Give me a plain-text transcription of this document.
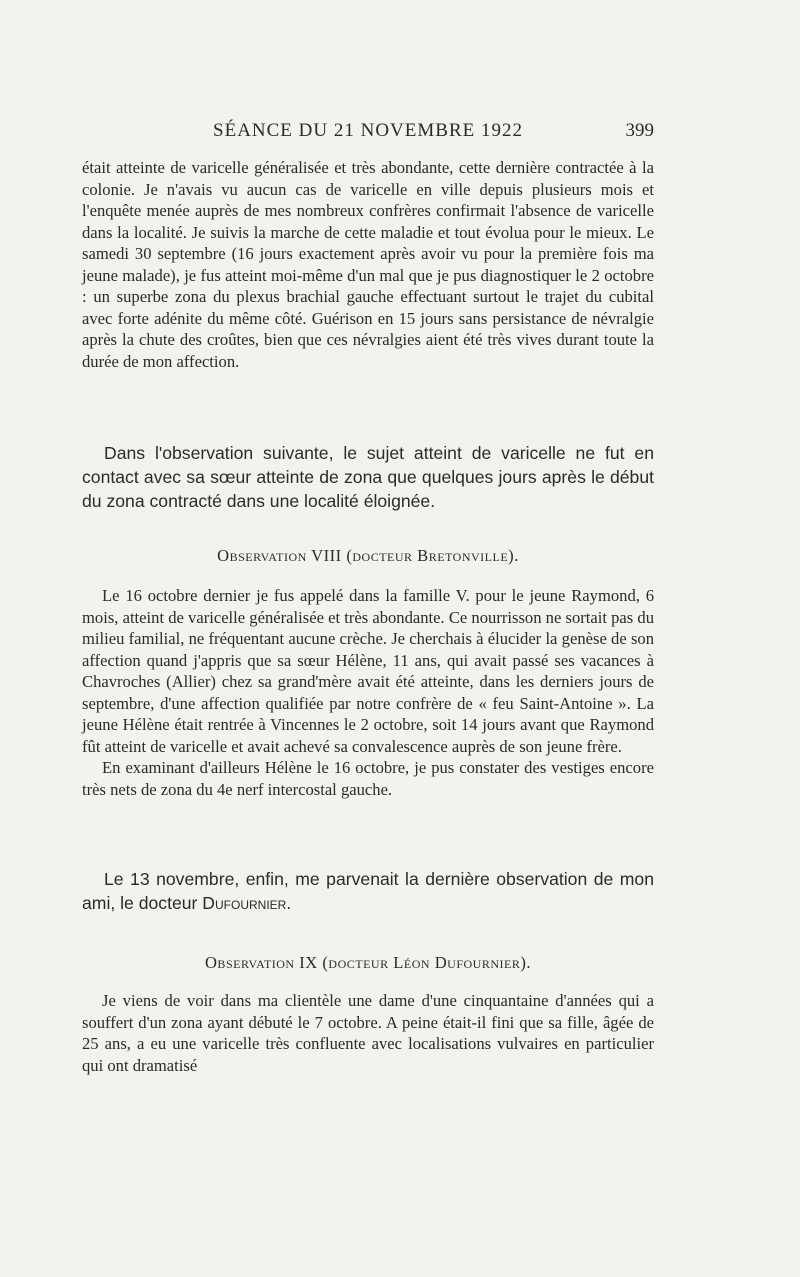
SÉANCE DU 21 NOVEMBRE 1922	399

était atteinte de varicelle généralisée et très abondante, cette dernière contractée à la colonie. Je n'avais vu aucun cas de varicelle en ville depuis plusieurs mois et l'enquête menée auprès de mes nombreux confrères confirmait l'absence de varicelle dans la localité. Je suivis la marche de cette maladie et tout évolua pour le mieux. Le samedi 30 septembre (16 jours exactement après avoir vu pour la première fois ma jeune malade), je fus atteint moi-même d'un mal que je pus diagnostiquer le 2 octobre : un superbe zona du plexus brachial gauche effectuant surtout le trajet du cubital avec forte adénite du même côté. Guérison en 15 jours sans persistance de névralgie après la chute des croûtes, bien que ces névralgies aient été très vives durant toute la durée de mon affection.

Dans l'observation suivante, le sujet atteint de varicelle ne fut en contact avec sa sœur atteinte de zona que quelques jours après le début du zona contracté dans une localité éloignée.

Observation VIII (docteur Bretonville).

Le 16 octobre dernier je fus appelé dans la famille V. pour le jeune Raymond, 6 mois, atteint de varicelle généralisée et très abondante. Ce nourrisson ne sortait pas du milieu familial, ne fréquentant aucune crèche. Je cherchais à élucider la genèse de son affection quand j'appris que sa sœur Hélène, 11 ans, qui avait passé ses vacances à Chavroches (Allier) chez sa grand'mère avait été atteinte, dans les derniers jours de septembre, d'une affection qualifiée par notre confrère de « feu Saint-Antoine ». La jeune Hélène était rentrée à Vincennes le 2 octobre, soit 14 jours avant que Raymond fût atteint de varicelle et avait achevé sa convalescence auprès de son jeune frère.

En examinant d'ailleurs Hélène le 16 octobre, je pus constater des vestiges encore très nets de zona du 4e nerf intercostal gauche.

Le 13 novembre, enfin, me parvenait la dernière observation de mon ami, le docteur Dufournier.

Observation IX (docteur Léon Dufournier).

Je viens de voir dans ma clientèle une dame d'une cinquantaine d'années qui a souffert d'un zona ayant débuté le 7 octobre. A peine était-il fini que sa fille, âgée de 25 ans, a eu une varicelle très confluente avec localisations vulvaires en particulier qui ont dramatisé
